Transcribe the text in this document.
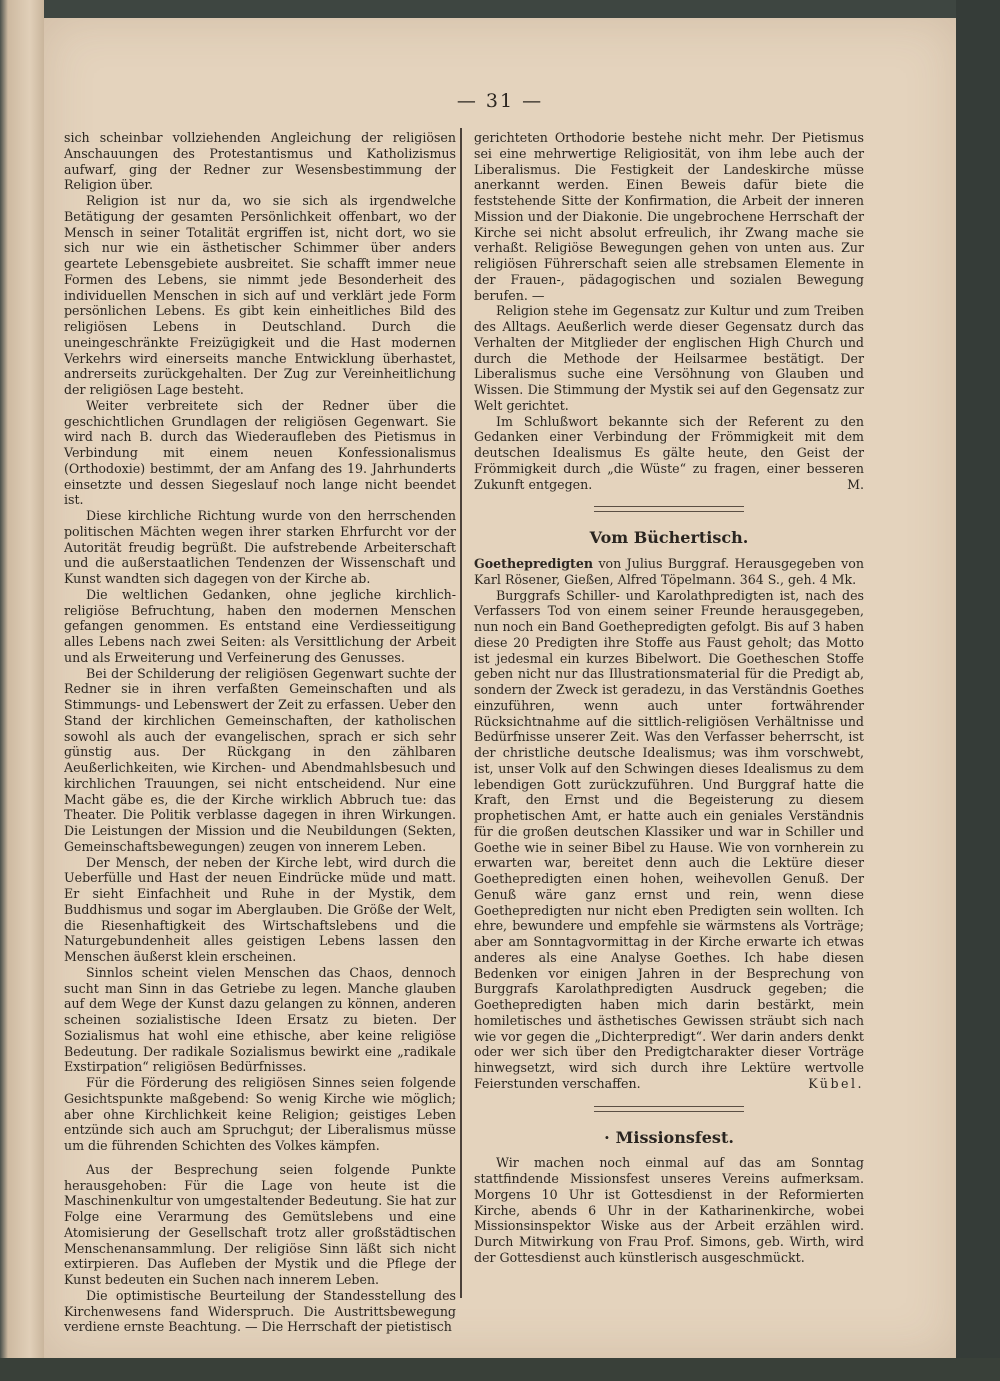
— 31 —

sich scheinbar vollziehenden Angleichung der religiösen Anschauungen des Protestantismus und Katholizismus aufwarf, ging der Redner zur Wesensbestimmung der Religion über.

Religion ist nur da, wo sie sich als irgendwelche Betätigung der gesamten Persönlichkeit offenbart, wo der Mensch in seiner Totalität ergriffen ist, nicht dort, wo sie sich nur wie ein ästhetischer Schimmer über anders geartete Lebensgebiete ausbreitet. Sie schafft immer neue Formen des Lebens, sie nimmt jede Besonderheit des individuellen Menschen in sich auf und verklärt jede Form persönlichen Lebens. Es gibt kein einheitliches Bild des religiösen Lebens in Deutschland. Durch die uneingeschränkte Freizügigkeit und die Hast modernen Verkehrs wird einerseits manche Entwicklung überhastet, andrerseits zurückgehalten. Der Zug zur Vereinheitlichung der religiösen Lage besteht.

Weiter verbreitete sich der Redner über die geschichtlichen Grundlagen der religiösen Gegenwart. Sie wird nach B. durch das Wiederaufleben des Pietismus in Verbindung mit einem neuen Konfessionalismus (Orthodoxie) bestimmt, der am Anfang des 19. Jahrhunderts einsetzte und dessen Siegeslauf noch lange nicht beendet ist.

Diese kirchliche Richtung wurde von den herrschenden politischen Mächten wegen ihrer starken Ehrfurcht vor der Autorität freudig begrüßt. Die aufstrebende Arbeiterschaft und die außerstaatlichen Tendenzen der Wissenschaft und Kunst wandten sich dagegen von der Kirche ab.

Die weltlichen Gedanken, ohne jegliche kirchlich-religiöse Befruchtung, haben den modernen Menschen gefangen genommen. Es entstand eine Verdiesseitigung alles Lebens nach zwei Seiten: als Versittlichung der Arbeit und als Erweiterung und Verfeinerung des Genusses.

Bei der Schilderung der religiösen Gegenwart suchte der Redner sie in ihren verfaßten Gemeinschaften und als Stimmungs- und Lebenswert der Zeit zu erfassen. Ueber den Stand der kirchlichen Gemeinschaften, der katholischen sowohl als auch der evangelischen, sprach er sich sehr günstig aus. Der Rückgang in den zählbaren Aeußerlichkeiten, wie Kirchen- und Abendmahlsbesuch und kirchlichen Trauungen, sei nicht entscheidend. Nur eine Macht gäbe es, die der Kirche wirklich Abbruch tue: das Theater. Die Politik verblasse dagegen in ihren Wirkungen. Die Leistungen der Mission und die Neubildungen (Sekten, Gemeinschaftsbewegungen) zeugen von innerem Leben.

Der Mensch, der neben der Kirche lebt, wird durch die Ueberfülle und Hast der neuen Eindrücke müde und matt. Er sieht Einfachheit und Ruhe in der Mystik, dem Buddhismus und sogar im Aberglauben. Die Größe der Welt, die Riesenhaftigkeit des Wirtschaftslebens und die Naturgebundenheit alles geistigen Lebens lassen den Menschen äußerst klein erscheinen.

Sinnlos scheint vielen Menschen das Chaos, dennoch sucht man Sinn in das Getriebe zu legen. Manche glauben auf dem Wege der Kunst dazu gelangen zu können, anderen scheinen sozialistische Ideen Ersatz zu bieten. Der Sozialismus hat wohl eine ethische, aber keine religiöse Bedeutung. Der radikale Sozialismus bewirkt eine „radikale Exstirpation“ religiösen Bedürfnisses.

Für die Förderung des religiösen Sinnes seien folgende Gesichtspunkte maßgebend: So wenig Kirche wie möglich; aber ohne Kirchlichkeit keine Religion; geistiges Leben entzünde sich auch am Spruchgut; der Liberalismus müsse um die führenden Schichten des Volkes kämpfen.

Aus der Besprechung seien folgende Punkte herausgehoben: Für die Lage von heute ist die Maschinenkultur von umgestaltender Bedeutung. Sie hat zur Folge eine Verarmung des Gemütslebens und eine Atomisierung der Gesellschaft trotz aller großstädtischen Menschenansammlung. Der religiöse Sinn läßt sich nicht extirpieren. Das Aufleben der Mystik und die Pflege der Kunst bedeuten ein Suchen nach innerem Leben.

Die optimistische Beurteilung der Standesstellung des Kirchenwesens fand Widerspruch. Die Austrittsbewegung verdiene ernste Beachtung. — Die Herrschaft der pietistisch

gerichteten Orthodorie bestehe nicht mehr. Der Pietismus sei eine mehrwertige Religiosität, von ihm lebe auch der Liberalismus. Die Festigkeit der Landeskirche müsse anerkannt werden. Einen Beweis dafür biete die feststehende Sitte der Konfirmation, die Arbeit der inneren Mission und der Diakonie. Die ungebrochene Herrschaft der Kirche sei nicht absolut erfreulich, ihr Zwang mache sie verhaßt. Religiöse Bewegungen gehen von unten aus. Zur religiösen Führerschaft seien alle strebsamen Elemente in der Frauen-, pädagogischen und sozialen Bewegung berufen. —

Religion stehe im Gegensatz zur Kultur und zum Treiben des Alltags. Aeußerlich werde dieser Gegensatz durch das Verhalten der Mitglieder der englischen High Church und durch die Methode der Heilsarmee bestätigt. Der Liberalismus suche eine Versöhnung von Glauben und Wissen. Die Stimmung der Mystik sei auf den Gegensatz zur Welt gerichtet.

Im Schlußwort bekannte sich der Referent zu den Gedanken einer Verbindung der Frömmigkeit mit dem deutschen Idealismus Es gälte heute, den Geist der Frömmigkeit durch „die Wüste“ zu fragen, einer besseren Zukunft entgegen.	M.

Vom Büchertisch.

Goethepredigten von Julius Burggraf. Herausgegeben von Karl Rösener, Gießen, Alfred Töpelmann. 364 S., geh. 4 Mk.

Burggrafs Schiller- und Karolathpredigten ist, nach des Verfassers Tod von einem seiner Freunde herausgegeben, nun noch ein Band Goethepredigten gefolgt. Bis auf 3 haben diese 20 Predigten ihre Stoffe aus Faust geholt; das Motto ist jedesmal ein kurzes Bibelwort. Die Goetheschen Stoffe geben nicht nur das Illustrationsmaterial für die Predigt ab, sondern der Zweck ist geradezu, in das Verständnis Goethes einzuführen, wenn auch unter fortwährender Rücksichtnahme auf die sittlich-religiösen Verhältnisse und Bedürfnisse unserer Zeit. Was den Verfasser beherrscht, ist der christliche deutsche Idealismus; was ihm vorschwebt, ist, unser Volk auf den Schwingen dieses Idealismus zu dem lebendigen Gott zurückzuführen. Und Burggraf hatte die Kraft, den Ernst und die Begeisterung zu diesem prophetischen Amt, er hatte auch ein geniales Verständnis für die großen deutschen Klassiker und war in Schiller und Goethe wie in seiner Bibel zu Hause. Wie von vornherein zu erwarten war, bereitet denn auch die Lektüre dieser Goethepredigten einen hohen, weihevollen Genuß. Der Genuß wäre ganz ernst und rein, wenn diese Goethepredigten nur nicht eben Predigten sein wollten. Ich ehre, bewundere und empfehle sie wärmstens als Vorträge; aber am Sonntagvormittag in der Kirche erwarte ich etwas anderes als eine Analyse Goethes. Ich habe diesen Bedenken vor einigen Jahren in der Besprechung von Burggrafs Karolathpredigten Ausdruck gegeben; die Goethepredigten haben mich darin bestärkt, mein homiletisches und ästhetisches Gewissen sträubt sich nach wie vor gegen die „Dichterpredigt“. Wer darin anders denkt oder wer sich über den Predigtcharakter dieser Vorträge hinwegsetzt, wird sich durch ihre Lektüre wertvolle Feierstunden verschaffen.	Kübel.

· Missionsfest.

Wir machen noch einmal auf das am Sonntag stattfindende Missionsfest unseres Vereins aufmerksam. Morgens 10 Uhr ist Gottesdienst in der Reformierten Kirche, abends 6 Uhr in der Katharinenkirche, wobei Missionsinspektor Wiske aus der Arbeit erzählen wird. Durch Mitwirkung von Frau Prof. Simons, geb. Wirth, wird der Gottesdienst auch künstlerisch ausgeschmückt.
